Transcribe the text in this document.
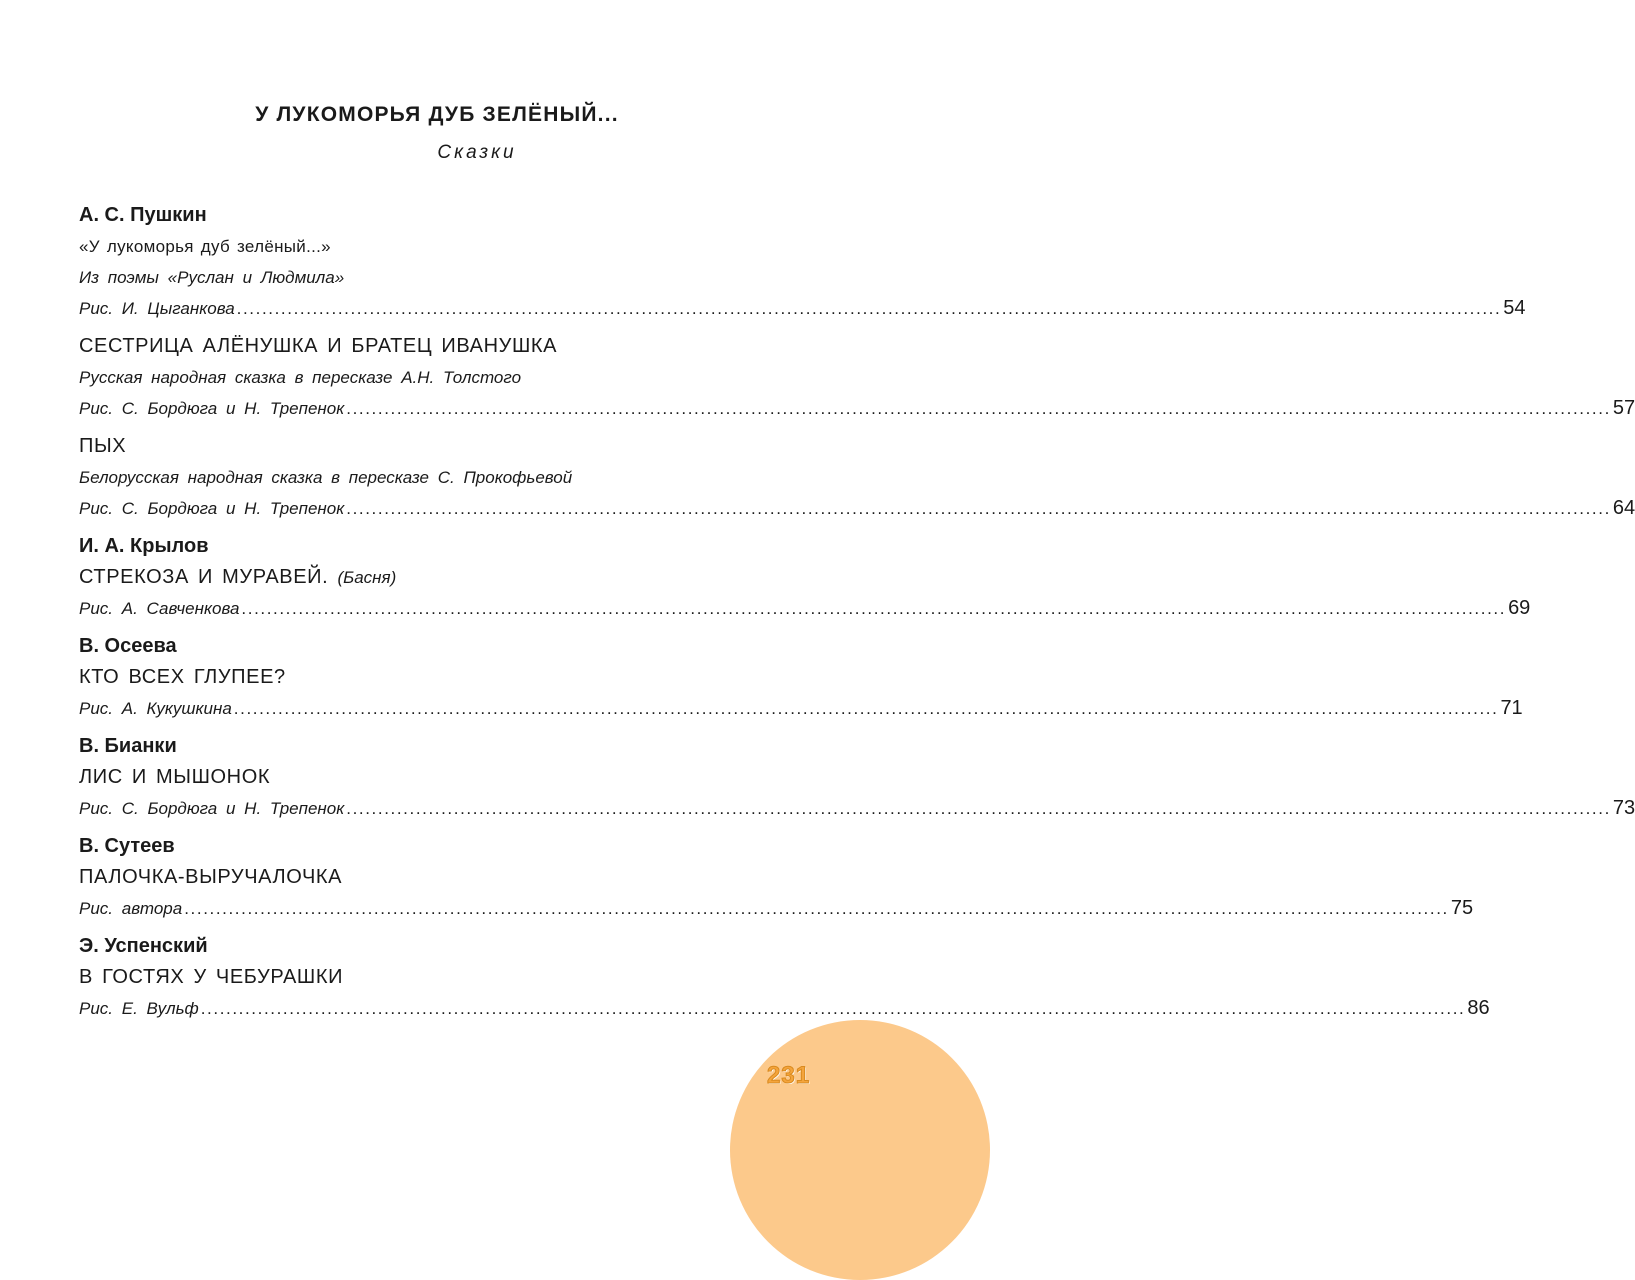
У ЛУКОМОРЬЯ ДУБ ЗЕЛЁНЫЙ...
Сказки
А. С. Пушкин
«У лукоморья дуб зелёный...»
Из поэмы «Руслан и Людмила»
Рис. И. Цыганкова ........................................................................................................................................................................................................ 54
СЕСТРИЦА АЛЁНУШКА И БРАТЕЦ ИВАНУШКА
Русская народная сказка в пересказе А.Н. Толстого
Рис. С. Бордюга и Н. Трепенок ........................................................................................................................................................................................................ 57
ПЫХ
Белорусская народная сказка в пересказе С. Прокофьевой
Рис. С. Бордюга и Н. Трепенок ........................................................................................................................................................................................................ 64
И. А. Крылов
СТРЕКОЗА И МУРАВЕЙ. (Басня)
Рис. А. Савченкова ........................................................................................................................................................................................................ 69
В. Осеева
КТО ВСЕХ ГЛУПЕЕ?
Рис. А. Кукушкина ........................................................................................................................................................................................................ 71
В. Бианки
ЛИС И МЫШОНОК
Рис. С. Бордюга и Н. Трепенок ........................................................................................................................................................................................................ 73
В. Сутеев
ПАЛОЧКА-ВЫРУЧАЛОЧКА
Рис. автора ........................................................................................................................................................................................................ 75
Э. Успенский
В ГОСТЯХ У ЧЕБУРАШКИ
Рис. Е. Вульф ........................................................................................................................................................................................................ 86
231
